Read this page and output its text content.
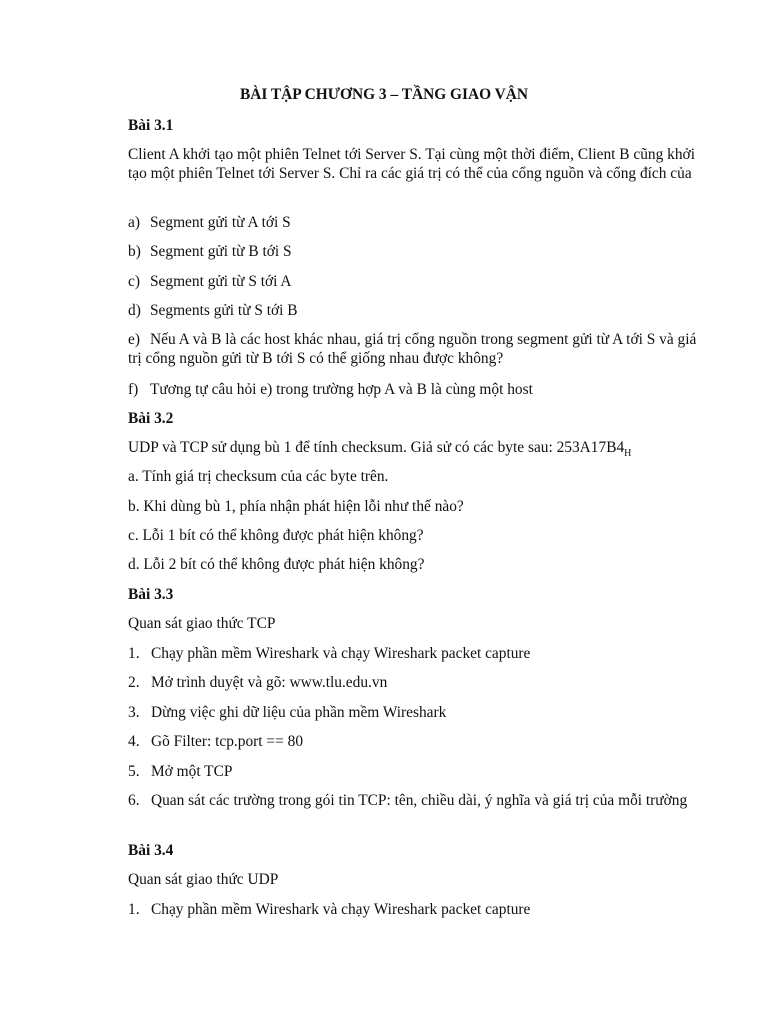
BÀI TẬP CHƯƠNG 3 – TẦNG GIAO VẬN
Bài 3.1
Client A khởi tạo một phiên Telnet tới Server S. Tại cùng một thời điểm, Client B cũng khởi tạo một phiên Telnet tới Server S. Chỉ ra các giá trị có thể của cổng nguồn và cổng đích của
a) Segment gửi từ A tới S
b) Segment gửi từ B tới S
c) Segment gửi từ S tới A
d) Segments gửi từ S tới B
e) Nếu A và B là các host khác nhau, giá trị cổng nguồn trong segment gửi từ A tới S và giá trị cổng nguồn gửi từ B tới S có thể giống nhau được không?
f) Tương tự câu hỏi e) trong trường hợp A và B là cùng một host
Bài 3.2
UDP và TCP sử dụng bù 1 để tính checksum. Giả sử có các byte sau: $253A17B4_H$
a. Tính giá trị checksum của các byte trên.
b. Khi dùng bù 1, phía nhận phát hiện lỗi như thế nào?
c. Lỗi 1 bít có thể không được phát hiện không?
d. Lỗi 2 bít có thể không được phát hiện không?
Bài 3.3
Quan sát giao thức TCP
1. Chạy phần mềm Wireshark và chạy Wireshark packet capture
2. Mở trình duyệt và gõ: www.tlu.edu.vn
3. Dừng việc ghi dữ liệu của phần mềm Wireshark
4. Gõ Filter: tcp.port == 80
5. Mở một TCP
6. Quan sát các trường trong gói tin TCP: tên, chiều dài, ý nghĩa và giá trị của mỗi trường
Bài 3.4
Quan sát giao thức UDP
1. Chạy phần mềm Wireshark và chạy Wireshark packet capture
